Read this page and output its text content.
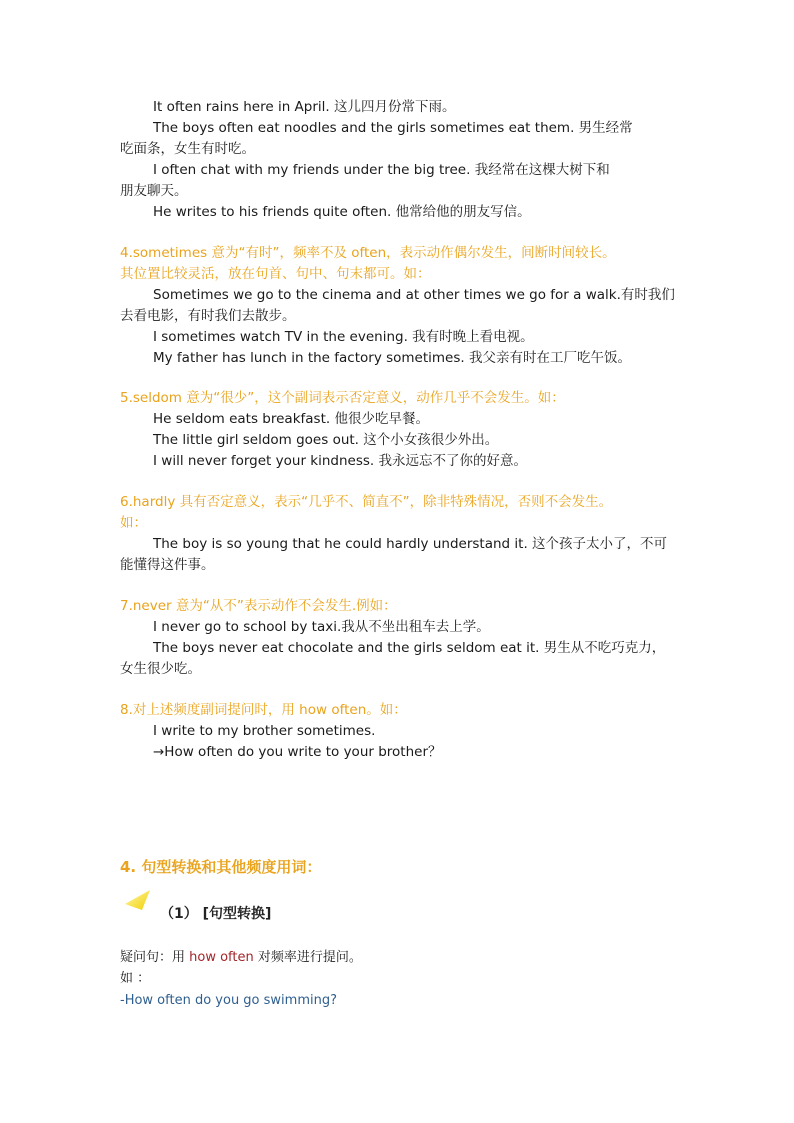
It often rains here in April. 这儿四月份常下雨。
The boys often eat noodles and the girls sometimes eat them. 男生经常
吃面条，女生有时吃。
I often chat with my friends under the big tree. 我经常在这棵大树下和
朋友聊天。
He writes to his friends quite often. 他常给他的朋友写信。
4.sometimes 意为“有时”，频率不及 often，表示动作偶尔发生，间断时间较长。
其位置比较灵活，放在句首、句中、句末都可。如：
Sometimes we go to the cinema and at other times we go for a walk.有时我们
去看电影，有时我们去散步。
I sometimes watch TV in the evening. 我有时晚上看电视。
My father has lunch in the factory sometimes. 我父亲有时在工厂吃午饭。
5.seldom 意为“很少”，这个副词表示否定意义，动作几乎不会发生。如：
He seldom eats breakfast. 他很少吃早餐。
The little girl seldom goes out. 这个小女孩很少外出。
I will never forget your kindness. 我永远忘不了你的好意。
6.hardly 具有否定意义，表示“几乎不、简直不”，除非特殊情况，否则不会发生。
如：
The boy is so young that he could hardly understand it. 这个孩子太小了，不可
能懂得这件事。
7.never 意为“从不”表示动作不会发生.例如：
I never go to school by taxi.我从不坐出租车去上学。
The boys never eat chocolate and the girls seldom eat it. 男生从不吃巧克力，
女生很少吃。
8.对上述频度副词提问时，用 how often。如：
I write to my brother sometimes.
→How often do you write to your brother？
4. 句型转换和其他频度用词：
（1） [句型转换]
疑问句：用 how often 对频率进行提问。
如 ：
-How often do you go swimming?
